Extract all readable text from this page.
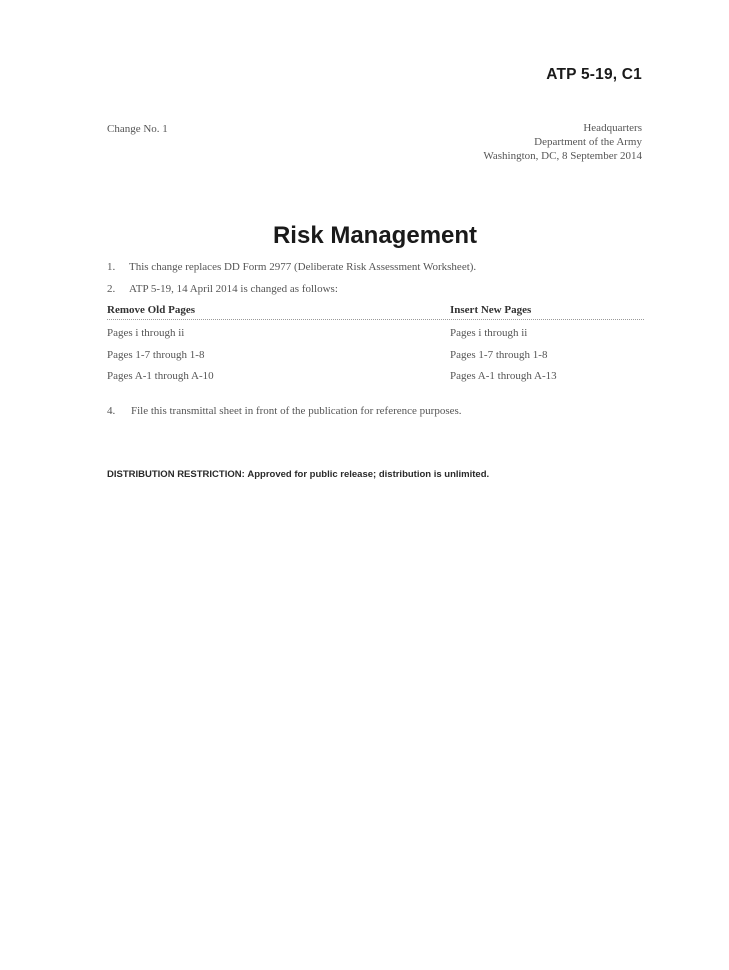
ATP 5-19, C1
Change No. 1	Headquarters
Department of the Army
Washington, DC, 8 September 2014
Risk Management
1. This change replaces DD Form 2977 (Deliberate Risk Assessment Worksheet).
2. ATP 5-19, 14 April 2014 is changed as follows:
Remove Old Pages	Insert New Pages
Pages i through ii	Pages i through ii
Pages 1-7 through 1-8	Pages 1-7 through 1-8
Pages A-1 through A-10	Pages A-1 through A-13
4. File this transmittal sheet in front of the publication for reference purposes.
DISTRIBUTION RESTRICTION: Approved for public release; distribution is unlimited.
